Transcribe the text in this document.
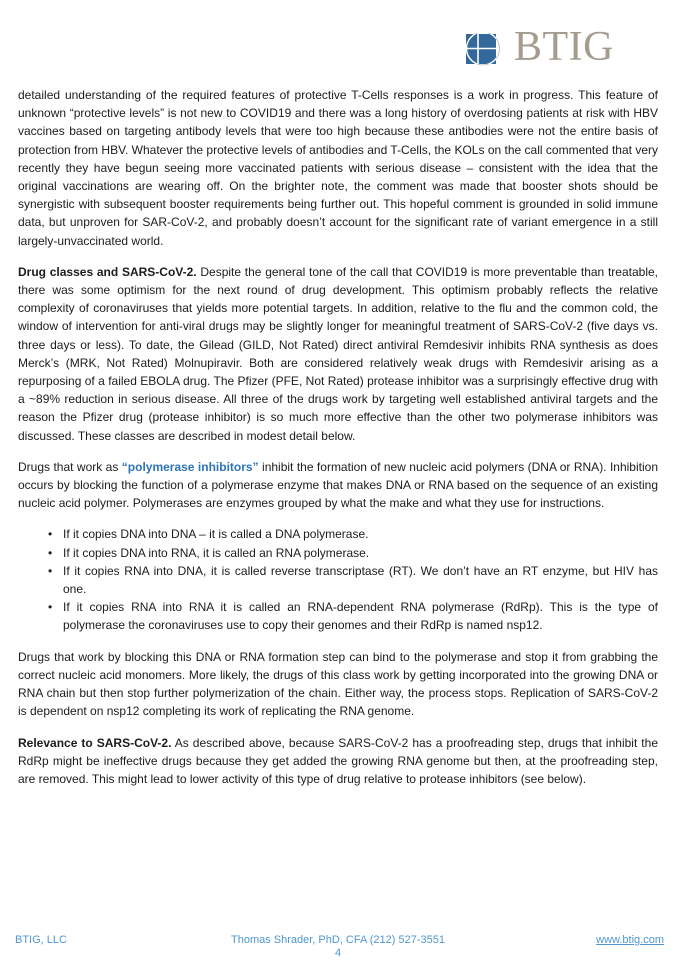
BTIG

detailed understanding of the required features of protective T-Cells responses is a work in progress. This feature of unknown “protective levels” is not new to COVID19 and there was a long history of overdosing patients at risk with HBV vaccines based on targeting antibody levels that were too high because these antibodies were not the entire basis of protection from HBV. Whatever the protective levels of antibodies and T-Cells, the KOLs on the call commented that very recently they have begun seeing more vaccinated patients with serious disease – consistent with the idea that the original vaccinations are wearing off. On the brighter note, the comment was made that booster shots should be synergistic with subsequent booster requirements being further out. This hopeful comment is grounded in solid immune data, but unproven for SAR-CoV-2, and probably doesn’t account for the significant rate of variant emergence in a still largely-unvaccinated world.

Drug classes and SARS-CoV-2. Despite the general tone of the call that COVID19 is more preventable than treatable, there was some optimism for the next round of drug development. This optimism probably reflects the relative complexity of coronaviruses that yields more potential targets. In addition, relative to the flu and the common cold, the window of intervention for anti-viral drugs may be slightly longer for meaningful treatment of SARS-CoV-2 (five days vs. three days or less). To date, the Gilead (GILD, Not Rated) direct antiviral Remdesivir inhibits RNA synthesis as does Merck’s (MRK, Not Rated) Molnupiravir. Both are considered relatively weak drugs with Remdesivir arising as a repurposing of a failed EBOLA drug. The Pfizer (PFE, Not Rated) protease inhibitor was a surprisingly effective drug with a ~89% reduction in serious disease. All three of the drugs work by targeting well established antiviral targets and the reason the Pfizer drug (protease inhibitor) is so much more effective than the other two polymerase inhibitors was discussed. These classes are described in modest detail below.

Drugs that work as “polymerase inhibitors” inhibit the formation of new nucleic acid polymers (DNA or RNA). Inhibition occurs by blocking the function of a polymerase enzyme that makes DNA or RNA based on the sequence of an existing nucleic acid polymer. Polymerases are enzymes grouped by what the make and what they use for instructions.

• If it copies DNA into DNA – it is called a DNA polymerase.
• If it copies DNA into RNA, it is called an RNA polymerase.
• If it copies RNA into DNA, it is called reverse transcriptase (RT). We don’t have an RT enzyme, but HIV has one.
• If it copies RNA into RNA it is called an RNA-dependent RNA polymerase (RdRp). This is the type of polymerase the coronaviruses use to copy their genomes and their RdRp is named nsp12.

Drugs that work by blocking this DNA or RNA formation step can bind to the polymerase and stop it from grabbing the correct nucleic acid monomers. More likely, the drugs of this class work by getting incorporated into the growing DNA or RNA chain but then stop further polymerization of the chain. Either way, the process stops. Replication of SARS-CoV-2 is dependent on nsp12 completing its work of replicating the RNA genome.

Relevance to SARS-CoV-2. As described above, because SARS-CoV-2 has a proofreading step, drugs that inhibit the RdRp might be ineffective drugs because they get added the growing RNA genome but then, at the proofreading step, are removed. This might lead to lower activity of this type of drug relative to protease inhibitors (see below).

BTIG, LLC	Thomas Shrader, PhD, CFA (212) 527-3551	www.btig.com
4
